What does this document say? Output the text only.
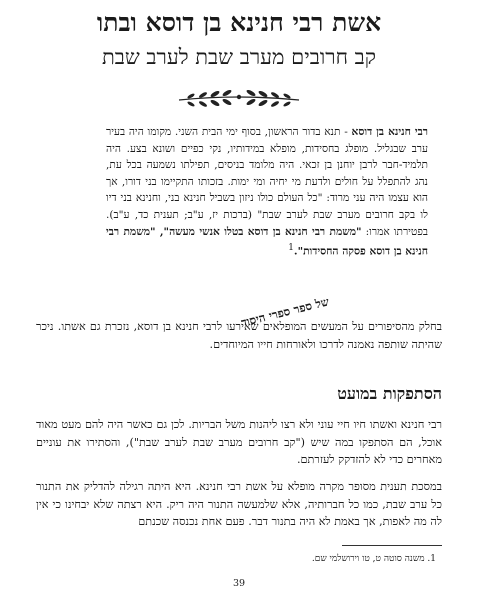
אשת רבי חנינא בן דוסא ובתו
קב חרובים מערב שבת לערב שבת
רבי חנינא בן דוסא - תנא בדור הראשון, בסוף ימי הבית השני. מקומו היה בעיר ערב שבגליל. מופלג בחסידות, מופלא במידותיו, נקי כפיים ושונא בצע. היה תלמיד-חבר לרבן יוחנן בן זכאי. היה מלומד בניסים, תפילתו נשמעה בכל עת, נהג להתפלל על חולים ולדעת מי יחיה ומי ימות. בזכותו התקיימו בני דורו, אך הוא עצמו היה עני מרוד: "כל העולם כולו ניזון בשביל חנינא בני, וחנינא בני דיו לו בקב חרובים מערב שבת לערב שבת" (ברכות יז, ע"ב; תענית כד, ע"ב). בפטירתו אמרו: "משמת רבי חנינא בן דוסא בטלו אנשי מעשה", "משמת רבי חנינא בן דוסא פסקה החסידות".$^1$
של ספר ספרי היסוד

בחלק מהסיפורים על המעשים המופלאים שאירעו לרבי חנינא בן דוסא, נזכרת גם אשתו. ניכר שהיתה שותפה נאמנה לדרכו ולאורחות חייו המיוחדים.

הסתפקות במועט

רבי חנינא ואשתו חיו חיי עוני ולא רצו ליהנות משל הבריות. לכן גם כאשר היה להם מעט מאוד אוכל, הם הסתפקו במה שיש ("קב חרובים מערב שבת לערב שבת"), והסתירו את עוניים מאחרים כדי לא להזדקק לעזרתם.

במסכת תענית מסופר מקרה מופלא על אשת רבי חנינא. היא היתה רגילה להדליק את התנור כל ערב שבת, כמו כל חברותיה, אלא שלמעשה התנור היה ריק. היא רצתה שלא יבחינו כי אין לה מה לאפות, אך באמת לא היה בתנור דבר. פעם אחת נכנסה שכנתם

1. משנה סוטה ט, טו וירושלמי שם.
39
